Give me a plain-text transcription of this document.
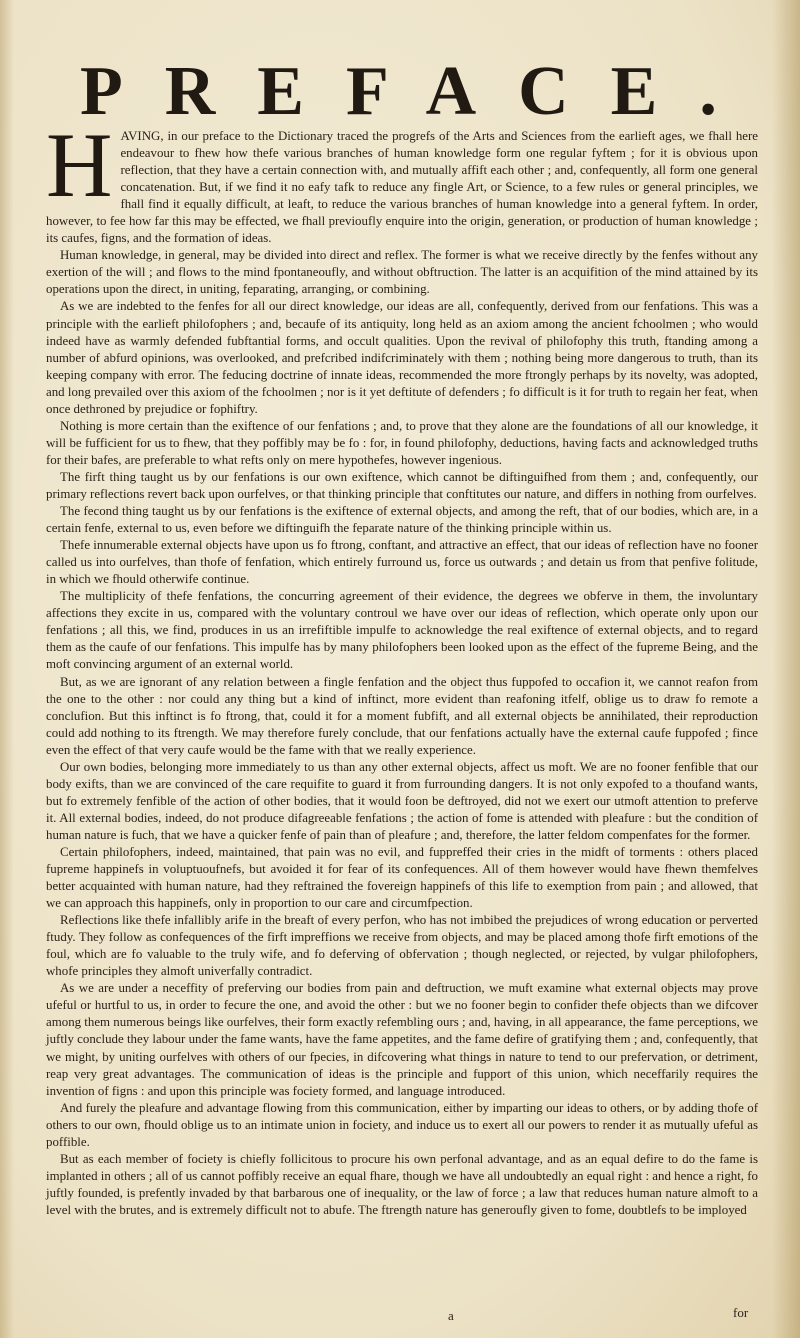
PREFACE.

HAVING, in our preface to the Dictionary traced the progrefs of the Arts and Sciences from the earlieft ages, we fhall here endeavour to fhew how thefe various branches of human knowledge form one regular fyftem ; for it is obvious upon reflection, that they have a certain connection with, and mutually affift each other ; and, confequently, all form one general concatenation. But, if we find it no eafy tafk to reduce any fingle Art, or Science, to a few rules or general principles, we fhall find it equally difficult, at leaft, to reduce the various branches of human knowledge into a general fyftem. In order, however, to fee how far this may be effected, we fhall previoufly enquire into the origin, generation, or production of human knowledge ; its caufes, figns, and the formation of ideas.

Human knowledge, in general, may be divided into direct and reflex. The former is what we receive directly by the fenfes without any exertion of the will ; and flows to the mind fpontaneoufly, and without obftruction. The latter is an acquifition of the mind attained by its operations upon the direct, in uniting, feparating, arranging, or combining.

As we are indebted to the fenfes for all our direct knowledge, our ideas are all, confequently, derived from our fenfations. This was a principle with the earlieft philofophers ; and, becaufe of its antiquity, long held as an axiom among the ancient fchoolmen ; who would indeed have as warmly defended fubftantial forms, and occult qualities. Upon the revival of philofophy this truth, ftanding among a number of abfurd opinions, was overlooked, and prefcribed indifcriminately with them ; nothing being more dangerous to truth, than its keeping company with error. The feducing doctrine of innate ideas, recommended the more ftrongly perhaps by its novelty, was adopted, and long prevailed over this axiom of the fchoolmen ; nor is it yet deftitute of defenders ; fo difficult is it for truth to regain her feat, when once dethroned by prejudice or fophiftry.

Nothing is more certain than the exiftence of our fenfations ; and, to prove that they alone are the foundations of all our knowledge, it will be fufficient for us to fhew, that they poffibly may be fo : for, in found philofophy, deductions, having facts and acknowledged truths for their bafes, are preferable to what refts only on mere hypothefes, however ingenious.

The firft thing taught us by our fenfations is our own exiftence, which cannot be diftinguifhed from them ; and, confequently, our primary reflections revert back upon ourfelves, or that thinking principle that conftitutes our nature, and differs in nothing from ourfelves.

The fecond thing taught us by our fenfations is the exiftence of external objects, and among the reft, that of our bodies, which are, in a certain fenfe, external to us, even before we diftinguifh the feparate nature of the thinking principle within us.

Thefe innumerable external objects have upon us fo ftrong, conftant, and attractive an effect, that our ideas of reflection have no fooner called us into ourfelves, than thofe of fenfation, which entirely furround us, force us outwards ; and detain us from that penfive folitude, in which we fhould otherwife continue.

The multiplicity of thefe fenfations, the concurring agreement of their evidence, the degrees we obferve in them, the involuntary affections they excite in us, compared with the voluntary controul we have over our ideas of reflection, which operate only upon our fenfations ; all this, we find, produces in us an irrefiftible impulfe to acknowledge the real exiftence of external objects, and to regard them as the caufe of our fenfations. This impulfe has by many philofophers been looked upon as the effect of the fupreme Being, and the moft convincing argument of an external world.

But, as we are ignorant of any relation between a fingle fenfation and the object thus fuppofed to occafion it, we cannot reafon from the one to the other : nor could any thing but a kind of inftinct, more evident than reafoning itfelf, oblige us to draw fo remote a conclufion. But this inftinct is fo ftrong, that, could it for a moment fubfift, and all external objects be annihilated, their reproduction could add nothing to its ftrength. We may therefore furely conclude, that our fenfations actually have the external caufe fuppofed ; fince even the effect of that very caufe would be the fame with that we really experience.

Our own bodies, belonging more immediately to us than any other external objects, affect us moft. We are no fooner fenfible that our body exifts, than we are convinced of the care requifite to guard it from furrounding dangers. It is not only expofed to a thoufand wants, but fo extremely fenfible of the action of other bodies, that it would foon be deftroyed, did not we exert our utmoft attention to preferve it. All external bodies, indeed, do not produce difagreeable fenfations ; the action of fome is attended with pleafure : but the condition of human nature is fuch, that we have a quicker fenfe of pain than of pleafure ; and, therefore, the latter feldom compenfates for the former.

Certain philofophers, indeed, maintained, that pain was no evil, and fuppreffed their cries in the midft of torments : others placed fupreme happinefs in voluptuoufnefs, but avoided it for fear of its confequences. All of them however would have fhewn themfelves better acquainted with human nature, had they reftrained the fovereign happinefs of this life to exemption from pain ; and allowed, that we can approach this happinefs, only in proportion to our care and circumfpection.

Reflections like thefe infallibly arife in the breaft of every perfon, who has not imbibed the prejudices of wrong education or perverted ftudy. They follow as confequences of the firft impreffions we receive from objects, and may be placed among thofe firft emotions of the foul, which are fo valuable to the truly wife, and fo deferving of obfervation ; though neglected, or rejected, by vulgar philofophers, whofe principles they almoft univerfally contradict.

As we are under a neceffity of preferving our bodies from pain and deftruction, we muft examine what external objects may prove ufeful or hurtful to us, in order to fecure the one, and avoid the other : but we no fooner begin to confider thefe objects than we difcover among them numerous beings like ourfelves, their form exactly refembling ours ; and, having, in all appearance, the fame perceptions, we juftly conclude they labour under the fame wants, have the fame appetites, and the fame defire of gratifying them ; and, confequently, that we might, by uniting ourfelves with others of our fpecies, in difcovering what things in nature to tend to our prefervation, or detriment, reap very great advantages. The communication of ideas is the principle and fupport of this union, which neceffarily requires the invention of figns : and upon this principle was fociety formed, and language introduced.

And furely the pleafure and advantage flowing from this communication, either by imparting our ideas to others, or by adding thofe of others to our own, fhould oblige us to an intimate union in fociety, and induce us to exert all our powers to render it as mutually ufeful as poffible.

But as each member of fociety is chiefly follicitous to procure his own perfonal advantage, and as an equal defire to do the fame is implanted in others ; all of us cannot poffibly receive an equal fhare, though we have all undoubtedly an equal right : and hence a right, fo juftly founded, is prefently invaded by that barbarous one of inequality, or the law of force ; a law that reduces human nature almoft to a level with the brutes, and is extremely difficult not to abufe. The ftrength nature has generoufly given to fome, doubtlefs to be imployed

a	for
